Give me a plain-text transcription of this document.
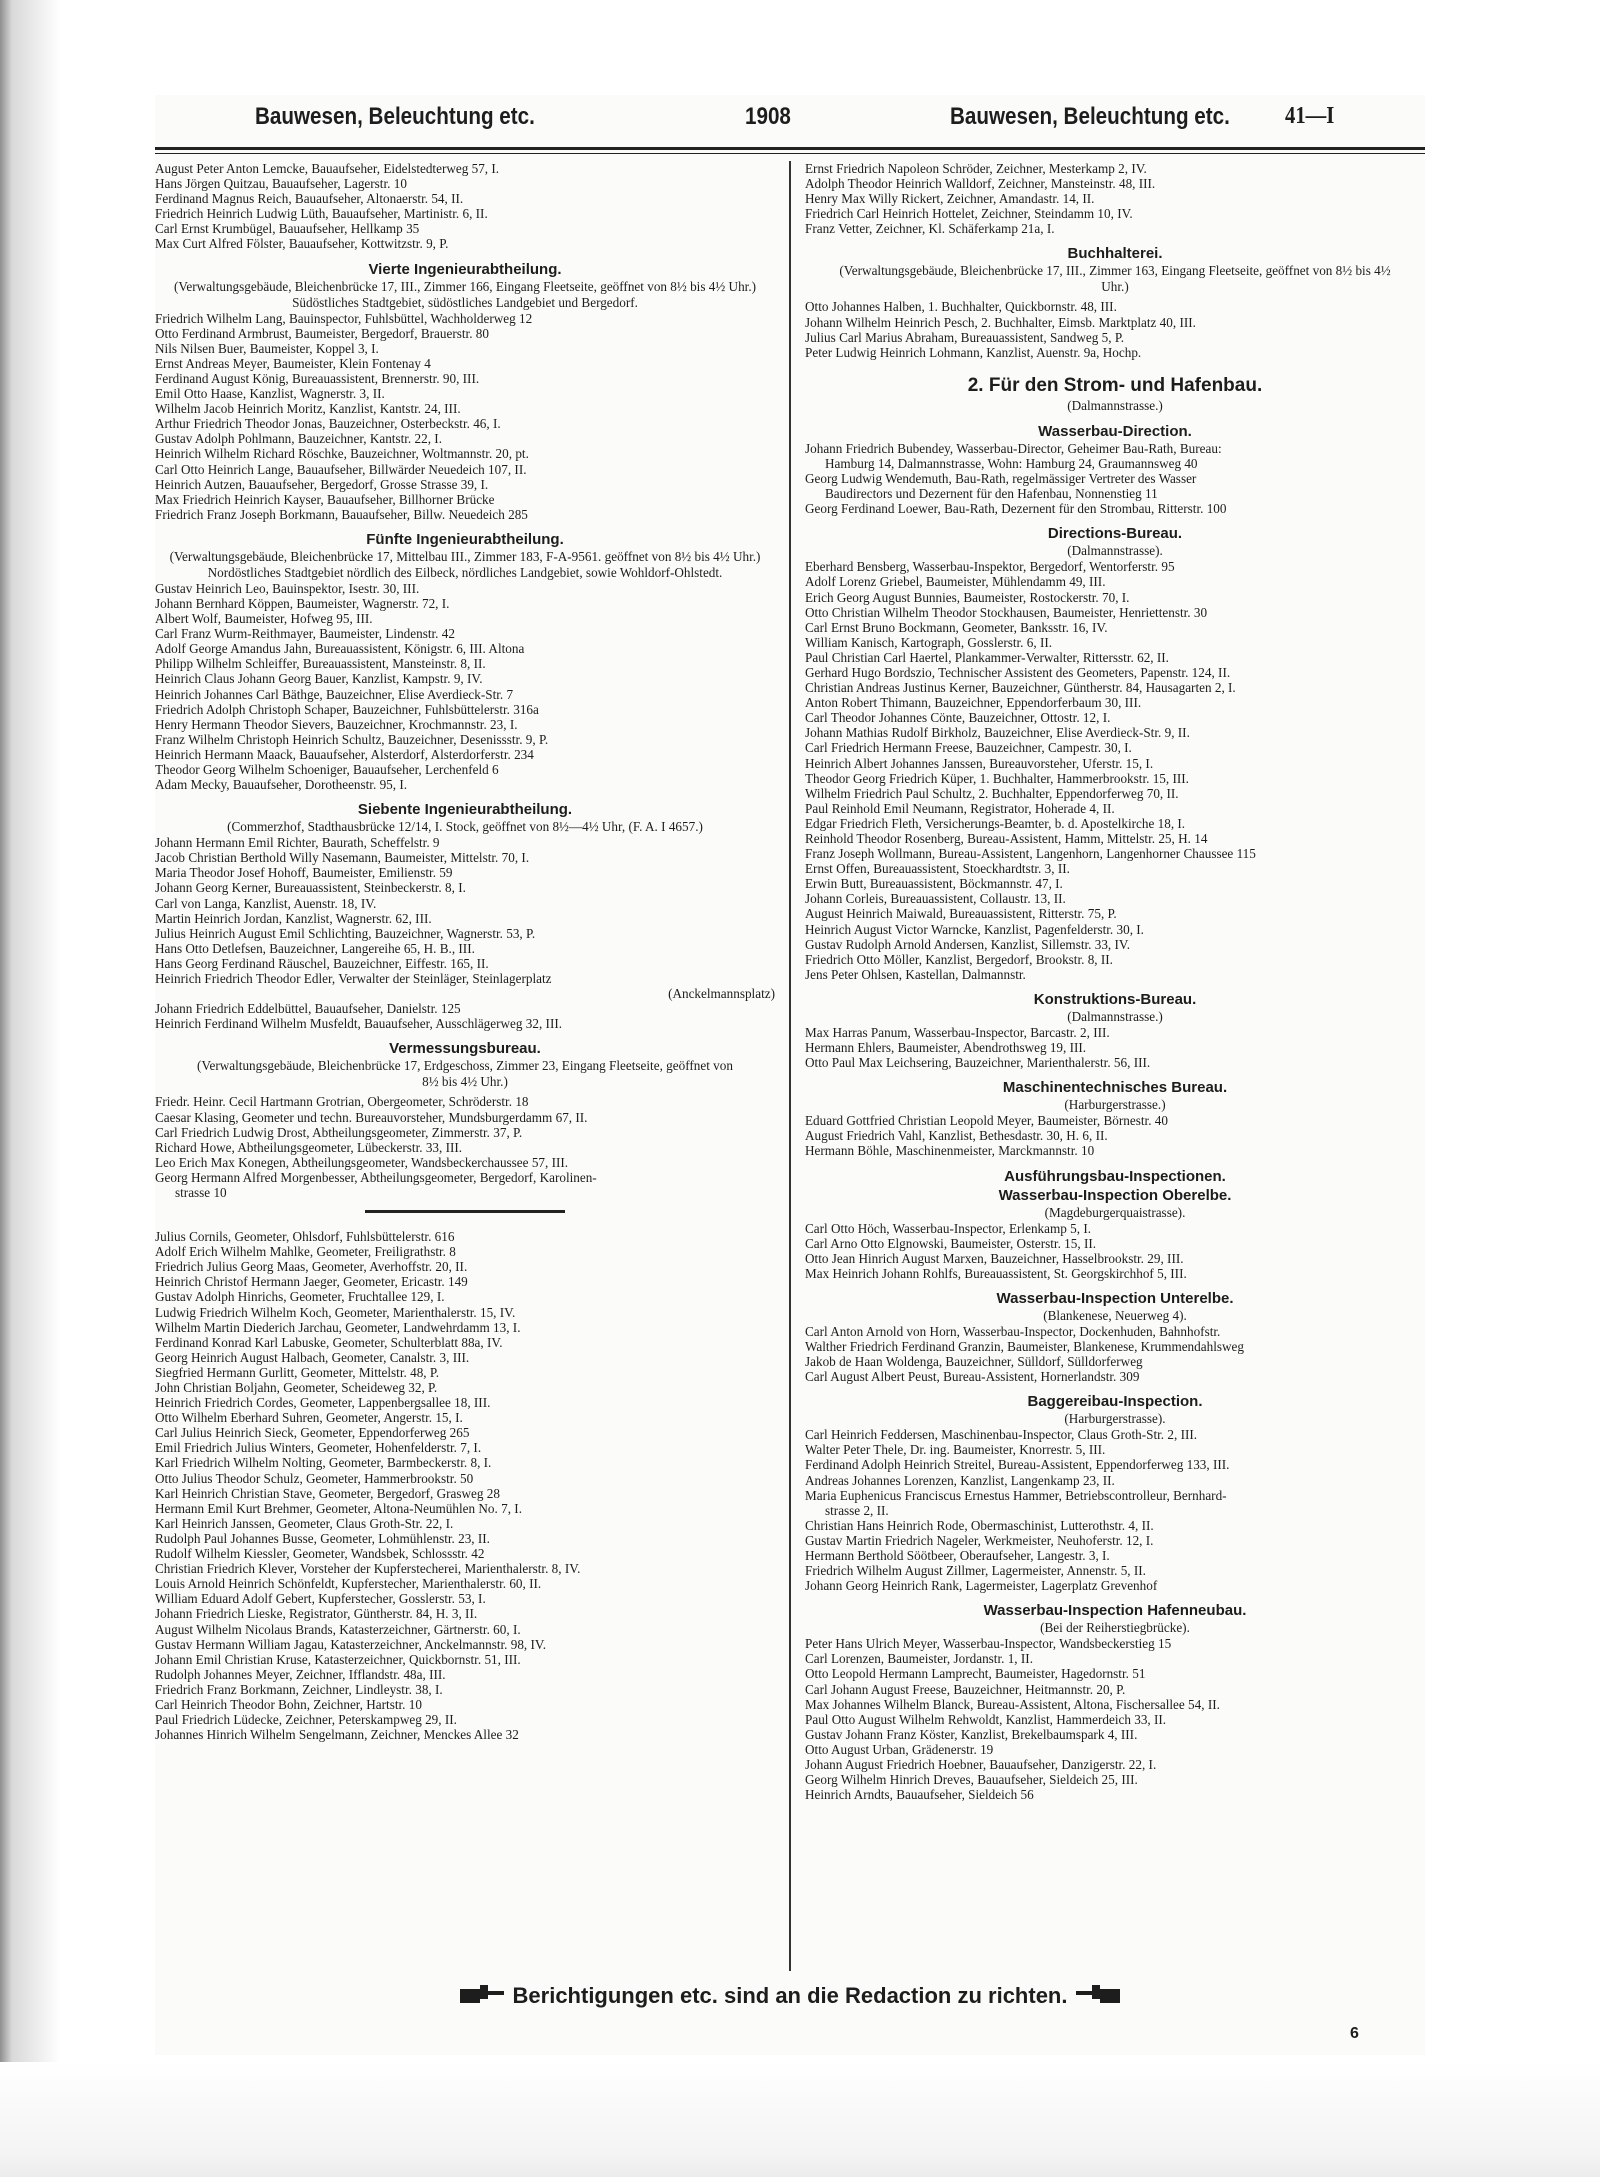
Bauwesen, Beleuchtung etc.	1908	Bauwesen, Beleuchtung etc. 41—I
August Peter Anton Lemcke, Bauaufseher, Eidelstedterweg 57, I.
Hans Jörgen Quitzau, Bauaufseher, Lagerstr. 10
Ferdinand Magnus Reich, Bauaufseher, Altonaerstr. 54, II.
Friedrich Heinrich Ludwig Lüth, Bauaufseher, Martinistr. 6, II.
Carl Ernst Krumbügel, Bauaufseher, Hellkamp 35
Max Curt Alfred Fölster, Bauaufseher, Kottwitzstr. 9, P.
Vierte Ingenieurabtheilung.
(Verwaltungsgebäude, Bleichenbrücke 17, III., Zimmer 166, Eingang Fleetseite, geöffnet von 8½ bis 4½ Uhr.)
Südöstliches Stadtgebiet, südöstliches Landgebiet und Bergedorf.
Friedrich Wilhelm Lang, Bauinspector, Fuhlsbüttel, Wachholderweg 12
Otto Ferdinand Armbrust, Baumeister, Bergedorf, Brauerstr. 80
Nils Nilsen Buer, Baumeister, Koppel 3, I.
Ernst Andreas Meyer, Baumeister, Klein Fontenay 4
Ferdinand August König, Bureauassistent, Brennerstr. 90, III.
Emil Otto Haase, Kanzlist, Wagnerstr. 3, II.
Wilhelm Jacob Heinrich Moritz, Kanzlist, Kantstr. 24, III.
Arthur Friedrich Theodor Jonas, Bauzeichner, Osterbeckstr. 46, I.
Gustav Adolph Pohlmann, Bauzeichner, Kantstr. 22, I.
Heinrich Wilhelm Richard Röschke, Bauzeichner, Woltmannstr. 20, pt.
Carl Otto Heinrich Lange, Bauaufseher, Billwärder Neuedeich 107, II.
Heinrich Autzen, Bauaufseher, Bergedorf, Grosse Strasse 39, I.
Max Friedrich Heinrich Kayser, Bauaufseher, Billhorner Brücke
Friedrich Franz Joseph Borkmann, Bauaufseher, Billw. Neuedeich 285
Fünfte Ingenieurabtheilung.
(Verwaltungsgebäude, Bleichenbrücke 17, Mittelbau III., Zimmer 183, F-A-9561. geöffnet von 8½ bis 4½ Uhr.)
Nordöstliches Stadtgebiet nördlich des Eilbeck, nördliches Landgebiet, sowie Wohldorf-Ohlstedt.
Gustav Heinrich Leo, Bauinspektor, Isestr. 30, III.
Johann Bernhard Köppen, Baumeister, Wagnerstr. 72, I.
Albert Wolf, Baumeister, Hofweg 95, III.
Carl Franz Wurm-Reithmayer, Baumeister, Lindenstr. 42
Adolf George Amandus Jahn, Bureauassistent, Königstr. 6, III. Altona
Philipp Wilhelm Schleiffer, Bureauassistent, Mansteinstr. 8, II.
Heinrich Claus Johann Georg Bauer, Kanzlist, Kampstr. 9, IV.
Heinrich Johannes Carl Bäthge, Bauzeichner, Elise Averdieck-Str. 7
Friedrich Adolph Christoph Schaper, Bauzeichner, Fuhlsbüttelerstr. 316a
Henry Hermann Theodor Sievers, Bauzeichner, Krochmannstr. 23, I.
Franz Wilhelm Christoph Heinrich Schultz, Bauzeichner, Desenissstr. 9, P.
Heinrich Hermann Maack, Bauaufseher, Alsterdorf, Alsterdorferstr. 234
Theodor Georg Wilhelm Schoeniger, Bauaufseher, Lerchenfeld 6
Adam Mecky, Bauaufseher, Dorotheenstr. 95, I.
Siebente Ingenieurabtheilung.
(Commerzhof, Stadthausbrücke 12/14, I. Stock, geöffnet von 8½—4½ Uhr, (F. A. I 4657.)
Johann Hermann Emil Richter, Baurath, Scheffelstr. 9
Jacob Christian Berthold Willy Nasemann, Baumeister, Mittelstr. 70, I.
Maria Theodor Josef Hohoff, Baumeister, Emilienstr. 59
Johann Georg Kerner, Bureauassistent, Steinbeckerstr. 8, I.
Carl von Langa, Kanzlist, Auenstr. 18, IV.
Martin Heinrich Jordan, Kanzlist, Wagnerstr. 62, III.
Julius Heinrich August Emil Schlichting, Bauzeichner, Wagnerstr. 53, P.
Hans Otto Detlefsen, Bauzeichner, Langereihe 65, H. B., III.
Hans Georg Ferdinand Räuschel, Bauzeichner, Eiffestr. 165, II.
Heinrich Friedrich Theodor Edler, Verwalter der Steinläger, Steinlagerplatz
(Anckelmannsplatz)
Johann Friedrich Eddelbüttel, Bauaufseher, Danielstr. 125
Heinrich Ferdinand Wilhelm Musfeldt, Bauaufseher, Ausschlägerweg 32, III.
Vermessungsbureau.
(Verwaltungsgebäude, Bleichenbrücke 17, Erdgeschoss, Zimmer 23, Eingang Fleetseite, geöffnet von 8½ bis 4½ Uhr.)
Friedr. Heinr. Cecil Hartmann Grotrian, Obergeometer, Schröderstr. 18
Caesar Klasing, Geometer und techn. Bureauvorsteher, Mundsburgerdamm 67, II.
Carl Friedrich Ludwig Drost, Abtheilungsgeometer, Zimmerstr. 37, P.
Richard Howe, Abtheilungsgeometer, Lübeckerstr. 33, III.
Leo Erich Max Konegen, Abtheilungsgeometer, Wandsbeckerchaussee 57, III.
Georg Hermann Alfred Morgenbesser, Abtheilungsgeometer, Bergedorf, Karolinen-
strasse 10
Julius Cornils, Geometer, Ohlsdorf, Fuhlsbüttelerstr. 616
Adolf Erich Wilhelm Mahlke, Geometer, Freiligrathstr. 8
Friedrich Julius Georg Maas, Geometer, Averhoffstr. 20, II.
Heinrich Christof Hermann Jaeger, Geometer, Ericastr. 149
Gustav Adolph Hinrichs, Geometer, Fruchtallee 129, I.
Ludwig Friedrich Wilhelm Koch, Geometer, Marienthalerstr. 15, IV.
Wilhelm Martin Diederich Jarchau, Geometer, Landwehrdamm 13, I.
Ferdinand Konrad Karl Labuske, Geometer, Schulterblatt 88a, IV.
Georg Heinrich August Halbach, Geometer, Canalstr. 3, III.
Siegfried Hermann Gurlitt, Geometer, Mittelstr. 48, P.
John Christian Boljahn, Geometer, Scheideweg 32, P.
Heinrich Friedrich Cordes, Geometer, Lappenbergsallee 18, III.
Otto Wilhelm Eberhard Suhren, Geometer, Angerstr. 15, I.
Carl Julius Heinrich Sieck, Geometer, Eppendorferweg 265
Emil Friedrich Julius Winters, Geometer, Hohenfelderstr. 7, I.
Karl Friedrich Wilhelm Nolting, Geometer, Barmbeckerstr. 8, I.
Otto Julius Theodor Schulz, Geometer, Hammerbrookstr. 50
Karl Heinrich Christian Stave, Geometer, Bergedorf, Grasweg 28
Hermann Emil Kurt Brehmer, Geometer, Altona-Neumühlen No. 7, I.
Karl Heinrich Janssen, Geometer, Claus Groth-Str. 22, I.
Rudolph Paul Johannes Busse, Geometer, Lohmühlenstr. 23, II.
Rudolf Wilhelm Kiessler, Geometer, Wandsbek, Schlossstr. 42
Christian Friedrich Klever, Vorsteher der Kupferstecherei, Marienthalerstr. 8, IV.
Louis Arnold Heinrich Schönfeldt, Kupferstecher, Marienthalerstr. 60, II.
William Eduard Adolf Gebert, Kupferstecher, Gosslerstr. 53, I.
Johann Friedrich Lieske, Registrator, Güntherstr. 84, H. 3, II.
August Wilhelm Nicolaus Brands, Katasterzeichner, Gärtnerstr. 60, I.
Gustav Hermann William Jagau, Katasterzeichner, Anckelmannstr. 98, IV.
Johann Emil Christian Kruse, Katasterzeichner, Quickbornstr. 51, III.
Rudolph Johannes Meyer, Zeichner, Ifflandstr. 48a, III.
Friedrich Franz Borkmann, Zeichner, Lindleystr. 38, I.
Carl Heinrich Theodor Bohn, Zeichner, Hartstr. 10
Paul Friedrich Lüdecke, Zeichner, Peterskampweg 29, II.
Johannes Hinrich Wilhelm Sengelmann, Zeichner, Menckes Allee 32
Ernst Friedrich Napoleon Schröder, Zeichner, Mesterkamp 2, IV.
Adolph Theodor Heinrich Walldorf, Zeichner, Mansteinstr. 48, III.
Henry Max Willy Rickert, Zeichner, Amandastr. 14, II.
Friedrich Carl Heinrich Hottelet, Zeichner, Steindamm 10, IV.
Franz Vetter, Zeichner, Kl. Schäferkamp 21a, I.
Buchhalterei.
(Verwaltungsgebäude, Bleichenbrücke 17, III., Zimmer 163, Eingang Fleetseite, geöffnet von 8½ bis 4½ Uhr.)
Otto Johannes Halben, 1. Buchhalter, Quickbornstr. 48, III.
Johann Wilhelm Heinrich Pesch, 2. Buchhalter, Eimsb. Marktplatz 40, III.
Julius Carl Marius Abraham, Bureauassistent, Sandweg 5, P.
Peter Ludwig Heinrich Lohmann, Kanzlist, Auenstr. 9a, Hochp.
2. Für den Strom- und Hafenbau.
(Dalmannstrasse.)
Wasserbau-Direction.
Johann Friedrich Bubendey, Wasserbau-Director, Geheimer Bau-Rath, Bureau:
Hamburg 14, Dalmannstrasse, Wohn: Hamburg 24, Graumannsweg 40
Georg Ludwig Wendemuth, Bau-Rath, regelmässiger Vertreter des Wasser
Baudirectors und Dezernent für den Hafenbau, Nonnenstieg 11
Georg Ferdinand Loewer, Bau-Rath, Dezernent für den Strombau, Ritterstr. 100
Directions-Bureau.
(Dalmannstrasse).
Eberhard Bensberg, Wasserbau-Inspektor, Bergedorf, Wentorferstr. 95
Adolf Lorenz Griebel, Baumeister, Mühlendamm 49, III.
Erich Georg August Bunnies, Baumeister, Rostockerstr. 70, I.
Otto Christian Wilhelm Theodor Stockhausen, Baumeister, Henriettenstr. 30
Carl Ernst Bruno Bockmann, Geometer, Banksstr. 16, IV.
William Kanisch, Kartograph, Gosslerstr. 6, II.
Paul Christian Carl Haertel, Plankammer-Verwalter, Rittersstr. 62, II.
Gerhard Hugo Bordszio, Technischer Assistent des Geometers, Papenstr. 124, II.
Christian Andreas Justinus Kerner, Bauzeichner, Güntherstr. 84, Hausagarten 2, I.
Anton Robert Thimann, Bauzeichner, Eppendorferbaum 30, III.
Carl Theodor Johannes Cönte, Bauzeichner, Ottostr. 12, I.
Johann Mathias Rudolf Birkholz, Bauzeichner, Elise Averdieck-Str. 9, II.
Carl Friedrich Hermann Freese, Bauzeichner, Campestr. 30, I.
Heinrich Albert Johannes Janssen, Bureauvorsteher, Uferstr. 15, I.
Theodor Georg Friedrich Küper, 1. Buchhalter, Hammerbrookstr. 15, III.
Wilhelm Friedrich Paul Schultz, 2. Buchhalter, Eppendorferweg 70, II.
Paul Reinhold Emil Neumann, Registrator, Hoherade 4, II.
Edgar Friedrich Fleth, Versicherungs-Beamter, b. d. Apostelkirche 18, I.
Reinhold Theodor Rosenberg, Bureau-Assistent, Hamm, Mittelstr. 25, H. 14
Franz Joseph Wollmann, Bureau-Assistent, Langenhorn, Langenhorner Chaussee 115
Ernst Offen, Bureauassistent, Stoeckhardtstr. 3, II.
Erwin Butt, Bureauassistent, Böckmannstr. 47, I.
Johann Corleis, Bureauassistent, Collaustr. 13, II.
August Heinrich Maiwald, Bureauassistent, Ritterstr. 75, P.
Heinrich August Victor Warncke, Kanzlist, Pagenfelderstr. 30, I.
Gustav Rudolph Arnold Andersen, Kanzlist, Sillemstr. 33, IV.
Friedrich Otto Möller, Kanzlist, Bergedorf, Brookstr. 8, II.
Jens Peter Ohlsen, Kastellan, Dalmannstr.
Konstruktions-Bureau.
(Dalmannstrasse.)
Max Harras Panum, Wasserbau-Inspector, Barcastr. 2, III.
Hermann Ehlers, Baumeister, Abendrothsweg 19, III.
Otto Paul Max Leichsering, Bauzeichner, Marienthalerstr. 56, III.
Maschinentechnisches Bureau.
(Harburgerstrasse.)
Eduard Gottfried Christian Leopold Meyer, Baumeister, Börnestr. 40
August Friedrich Vahl, Kanzlist, Bethesdastr. 30, H. 6, II.
Hermann Böhle, Maschinenmeister, Marckmannstr. 10
Ausführungsbau-Inspectionen.
Wasserbau-Inspection Oberelbe.
(Magdeburgerquaistrasse).
Carl Otto Höch, Wasserbau-Inspector, Erlenkamp 5, I.
Carl Arno Otto Elgnowski, Baumeister, Osterstr. 15, II.
Otto Jean Hinrich August Marxen, Bauzeichner, Hasselbrookstr. 29, III.
Max Heinrich Johann Rohlfs, Bureauassistent, St. Georgskirchhof 5, III.
Wasserbau-Inspection Unterelbe.
(Blankenese, Neuerweg 4).
Carl Anton Arnold von Horn, Wasserbau-Inspector, Dockenhuden, Bahnhofstr.
Walther Friedrich Ferdinand Granzin, Baumeister, Blankenese, Krummendahlsweg
Jakob de Haan Woldenga, Bauzeichner, Sülldorf, Sülldorferweg
Carl August Albert Peust, Bureau-Assistent, Hornerlandstr. 309
Baggereibau-Inspection.
(Harburgerstrasse).
Carl Heinrich Feddersen, Maschinenbau-Inspector, Claus Groth-Str. 2, III.
Walter Peter Thele, Dr. ing. Baumeister, Knorrestr. 5, III.
Ferdinand Adolph Heinrich Streitel, Bureau-Assistent, Eppendorferweg 133, III.
Andreas Johannes Lorenzen, Kanzlist, Langenkamp 23, II.
Maria Euphenicus Franciscus Ernestus Hammer, Betriebscontrolleur, Bernhard-
strasse 2, II.
Christian Hans Heinrich Rode, Obermaschinist, Lutterothstr. 4, II.
Gustav Martin Friedrich Nageler, Werkmeister, Neuhoferstr. 12, I.
Hermann Berthold Söötbeer, Oberaufseher, Langestr. 3, I.
Friedrich Wilhelm August Zillmer, Lagermeister, Annenstr. 5, II.
Johann Georg Heinrich Rank, Lagermeister, Lagerplatz Grevenhof
Wasserbau-Inspection Hafenneubau.
(Bei der Reiherstiegbrücke).
Peter Hans Ulrich Meyer, Wasserbau-Inspector, Wandsbeckerstieg 15
Carl Lorenzen, Baumeister, Jordanstr. 1, II.
Otto Leopold Hermann Lamprecht, Baumeister, Hagedornstr. 51
Carl Johann August Freese, Bauzeichner, Heitmannstr. 20, P.
Max Johannes Wilhelm Blanck, Bureau-Assistent, Altona, Fischersallee 54, II.
Paul Otto August Wilhelm Rehwoldt, Kanzlist, Hammerdeich 33, II.
Gustav Johann Franz Köster, Kanzlist, Brekelbaumspark 4, III.
Otto August Urban, Grädenerstr. 19
Johann August Friedrich Hoebner, Bauaufseher, Danzigerstr. 22, I.
Georg Wilhelm Hinrich Dreves, Bauaufseher, Sieldeich 25, III.
Heinrich Arndts, Bauaufseher, Sieldeich 56
Berichtigungen etc. sind an die Redaction zu richten.
6
